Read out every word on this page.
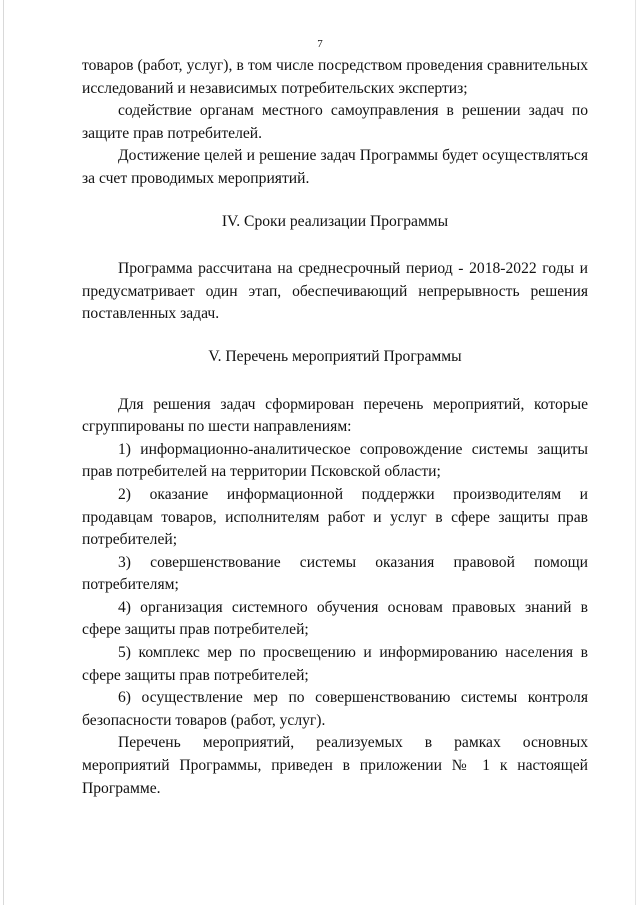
7

товаров (работ, услуг), в том числе посредством проведения сравнительных исследований и независимых потребительских экспертиз;

содействие органам местного самоуправления в решении задач по защите прав потребителей.

Достижение целей и решение задач Программы будет осуществляться за счет проводимых мероприятий.

IV. Сроки реализации Программы

Программа рассчитана на среднесрочный период - 2018-2022 годы и предусматривает один этап, обеспечивающий непрерывность решения поставленных задач.

V. Перечень мероприятий Программы

Для решения задач сформирован перечень мероприятий, которые сгруппированы по шести направлениям:

1) информационно-аналитическое сопровождение системы защиты прав потребителей на территории Псковской области;

2) оказание информационной поддержки производителям и продавцам товаров, исполнителям работ и услуг в сфере защиты прав потребителей;

3) совершенствование системы оказания правовой помощи потребителям;

4) организация системного обучения основам правовых знаний в сфере защиты прав потребителей;

5) комплекс мер по просвещению и информированию населения в сфере защиты прав потребителей;

6) осуществление мер по совершенствованию системы контроля безопасности товаров (работ, услуг).

Перечень мероприятий, реализуемых в рамках основных мероприятий Программы, приведен в приложении № 1 к настоящей Программе.
